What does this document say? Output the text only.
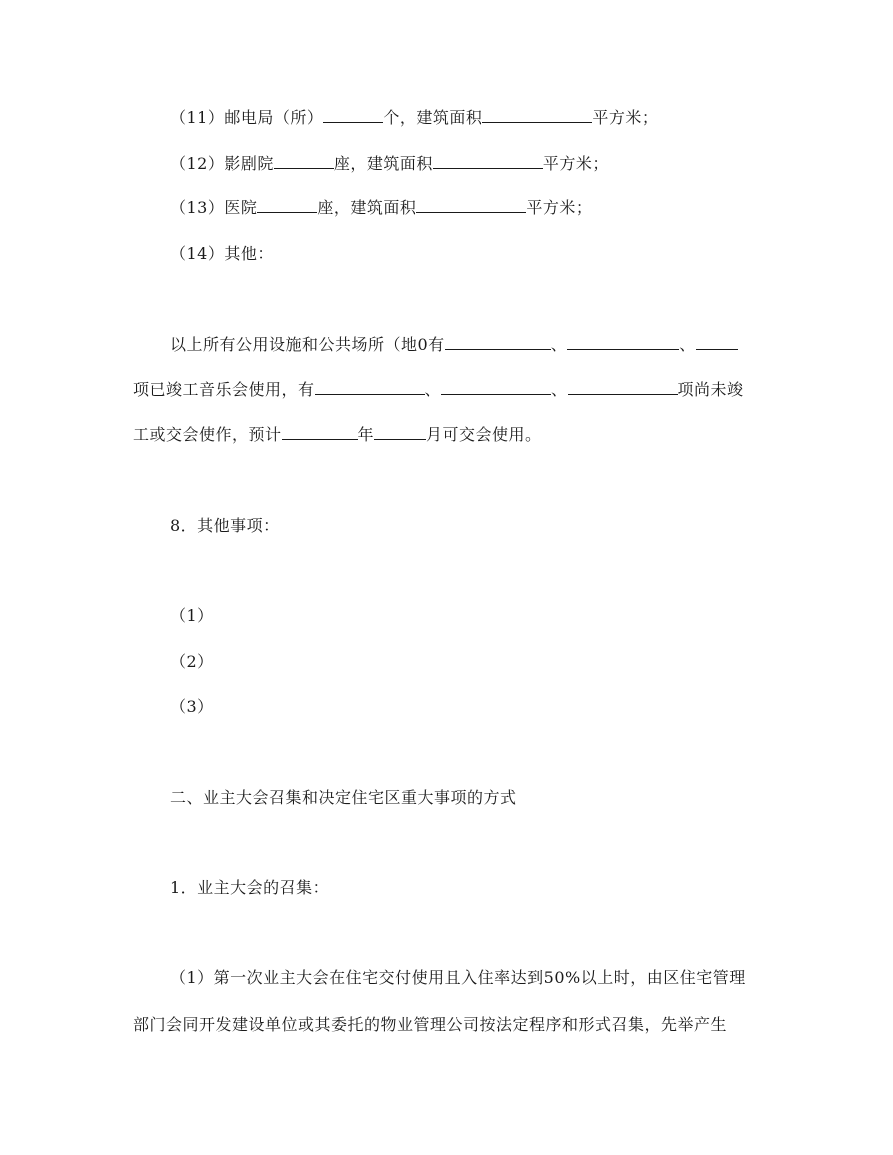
（11）邮电局（所）	个，建筑面积	平方米；
（12）影剧院	座，建筑面积	平方米；
（13）医院	座，建筑面积	平方米；
（14）其他：
以上所有公用设施和公共场所（地0有	、	、
项已竣工音乐会使用，有	、	、	项尚未竣
工或交会使作，预计	年	月可交会使用。
8．其他事项：
（1）
（2）
（3）
二、业主大会召集和决定住宅区重大事项的方式
1．业主大会的召集：
（1）第一次业主大会在住宅交付使用且入住率达到50%以上时，由区住宅管理
部门会同开发建设单位或其委托的物业管理公司按法定程序和形式召集，先举产生
